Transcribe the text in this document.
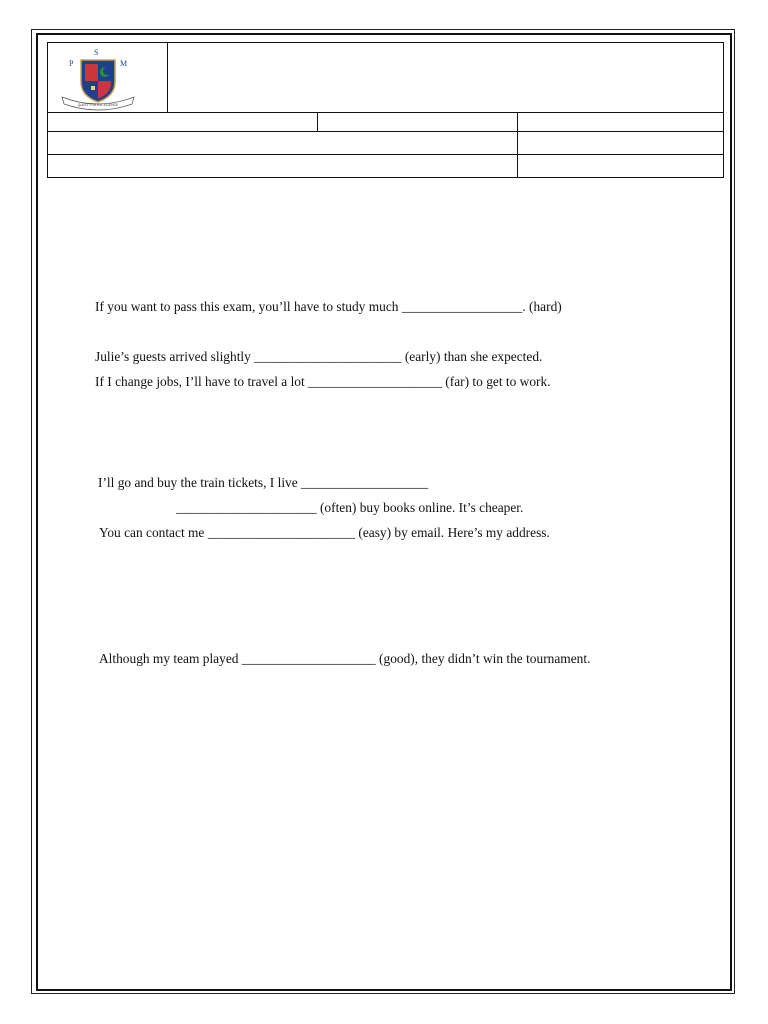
P
S
M
QUEST FOR EXCELLENCE
If you want to pass this exam, you’ll have to study much __________________. (hard)
Julie’s guests arrived slightly ______________________ (early) than she expected.
If I change jobs, I’ll have to travel a lot ____________________ (far) to get to work.
I’ll go and buy the train tickets, I live ___________________
_____________________ (often) buy books online. It’s cheaper.
You can contact me ______________________ (easy) by email. Here’s my address.
Although my team played ____________________ (good), they didn’t win the tournament.
